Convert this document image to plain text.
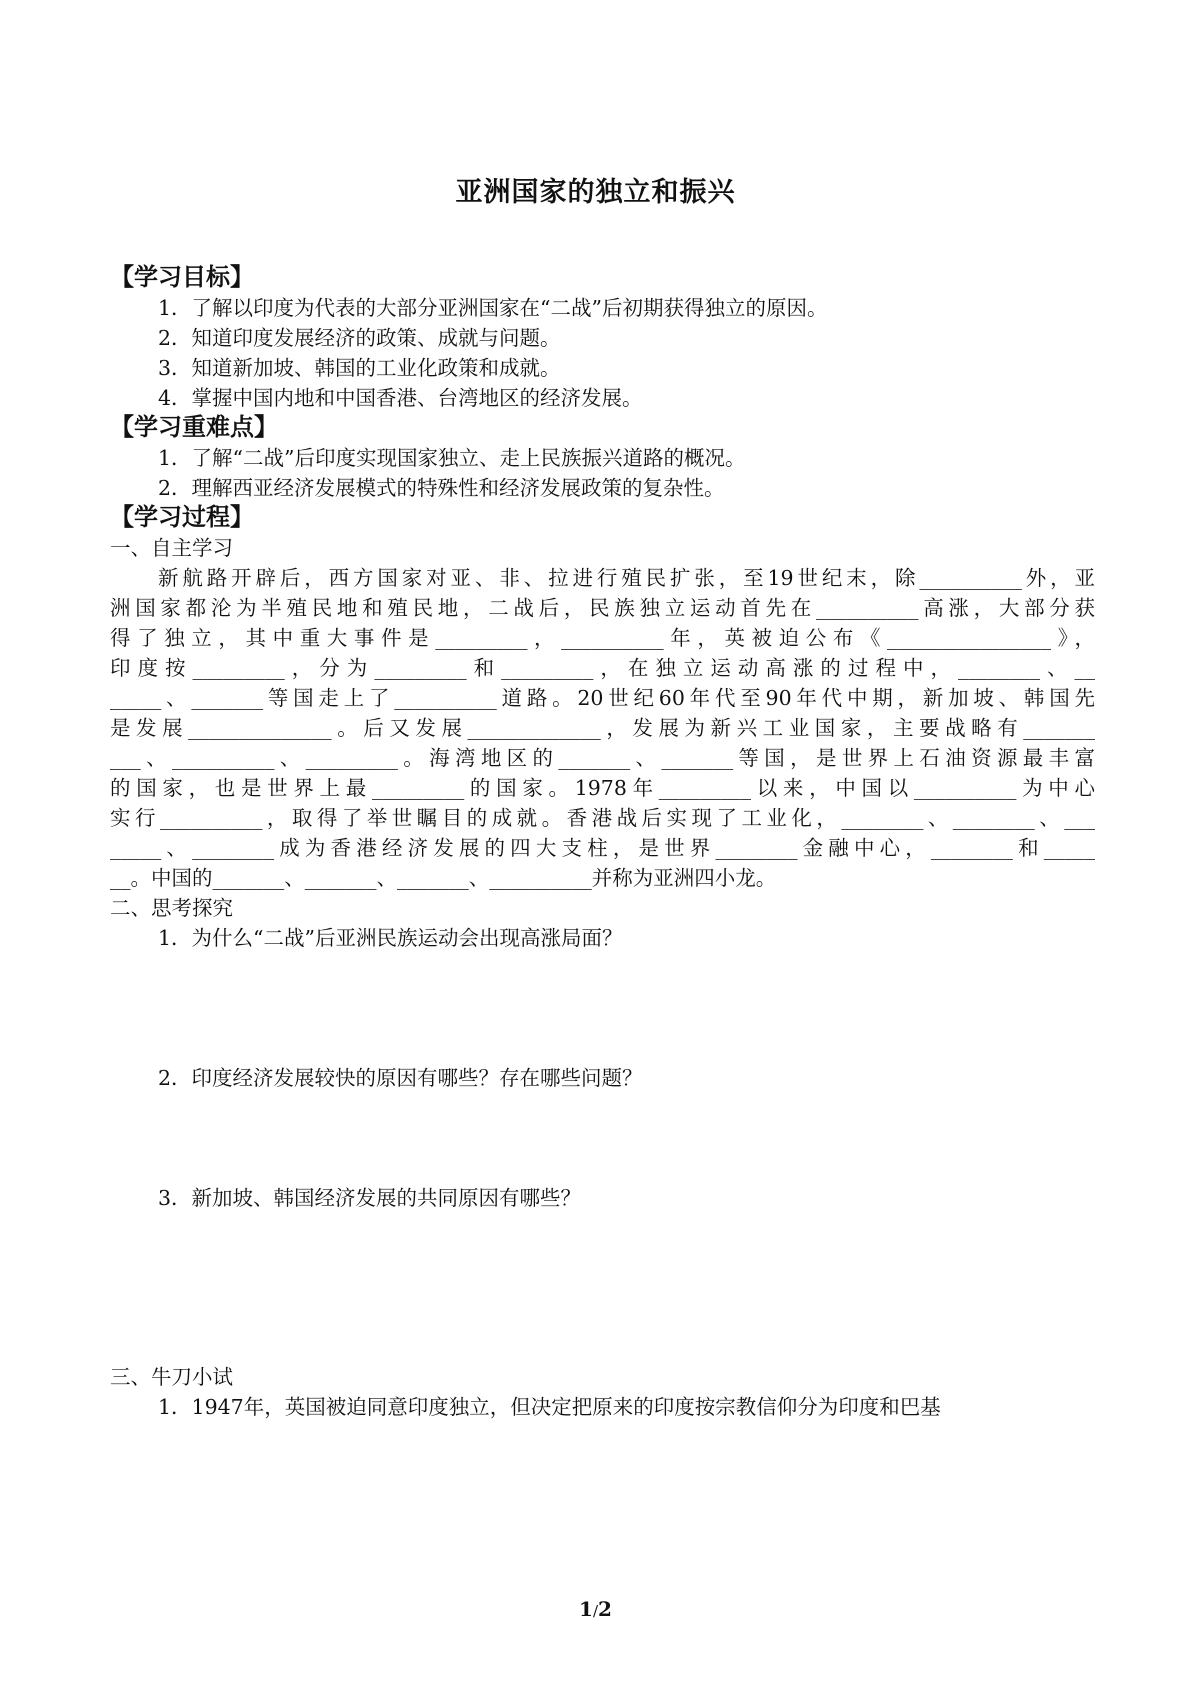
亚洲国家的独立和振兴
【学习目标】
1．了解以印度为代表的大部分亚洲国家在“二战”后初期获得独立的原因。
2．知道印度发展经济的政策、成就与问题。
3．知道新加坡、韩国的工业化政策和成就。
4．掌握中国内地和中国香港、台湾地区的经济发展。
【学习重难点】
1．了解“二战”后印度实现国家独立、走上民族振兴道路的概况。
2．理解西亚经济发展模式的特殊性和经济发展政策的复杂性。
【学习过程】
一、自主学习
新航路开辟后，西方国家对亚、非、拉进行殖民扩张，至19世纪末，除__________外，亚
洲国家都沦为半殖民地和殖民地，二战后，民族独立运动首先在__________高涨，大部分获
得了独立，其中重大事件是_________，__________年，英被迫公布《________________》，
印度按_________，分为_________和_________，在独立运动高涨的过程中，________、__
_____、_______等国走上了__________道路。20世纪60年代至90年代中期，新加坡、韩国先
是发展______________。后又发展_____________，发展为新兴工业国家，主要战略有_______
___、__________、_________。海湾地区的_______、_______等国，是世界上石油资源最丰富
的国家，也是世界上最_________的国家。1978年_________以来，中国以__________为中心
实行__________，取得了举世瞩目的成就。香港战后实现了工业化，________、________、___
_____、________成为香港经济发展的四大支柱，是世界________金融中心，________和_____
__。中国的_______、_______、_______、__________并称为亚洲四小龙。
二、思考探究
1．为什么“二战”后亚洲民族运动会出现高涨局面？
2．印度经济发展较快的原因有哪些？存在哪些问题？
3．新加坡、韩国经济发展的共同原因有哪些？
三、牛刀小试
1．1947年，英国被迫同意印度独立，但决定把原来的印度按宗教信仰分为印度和巴基
1/2
